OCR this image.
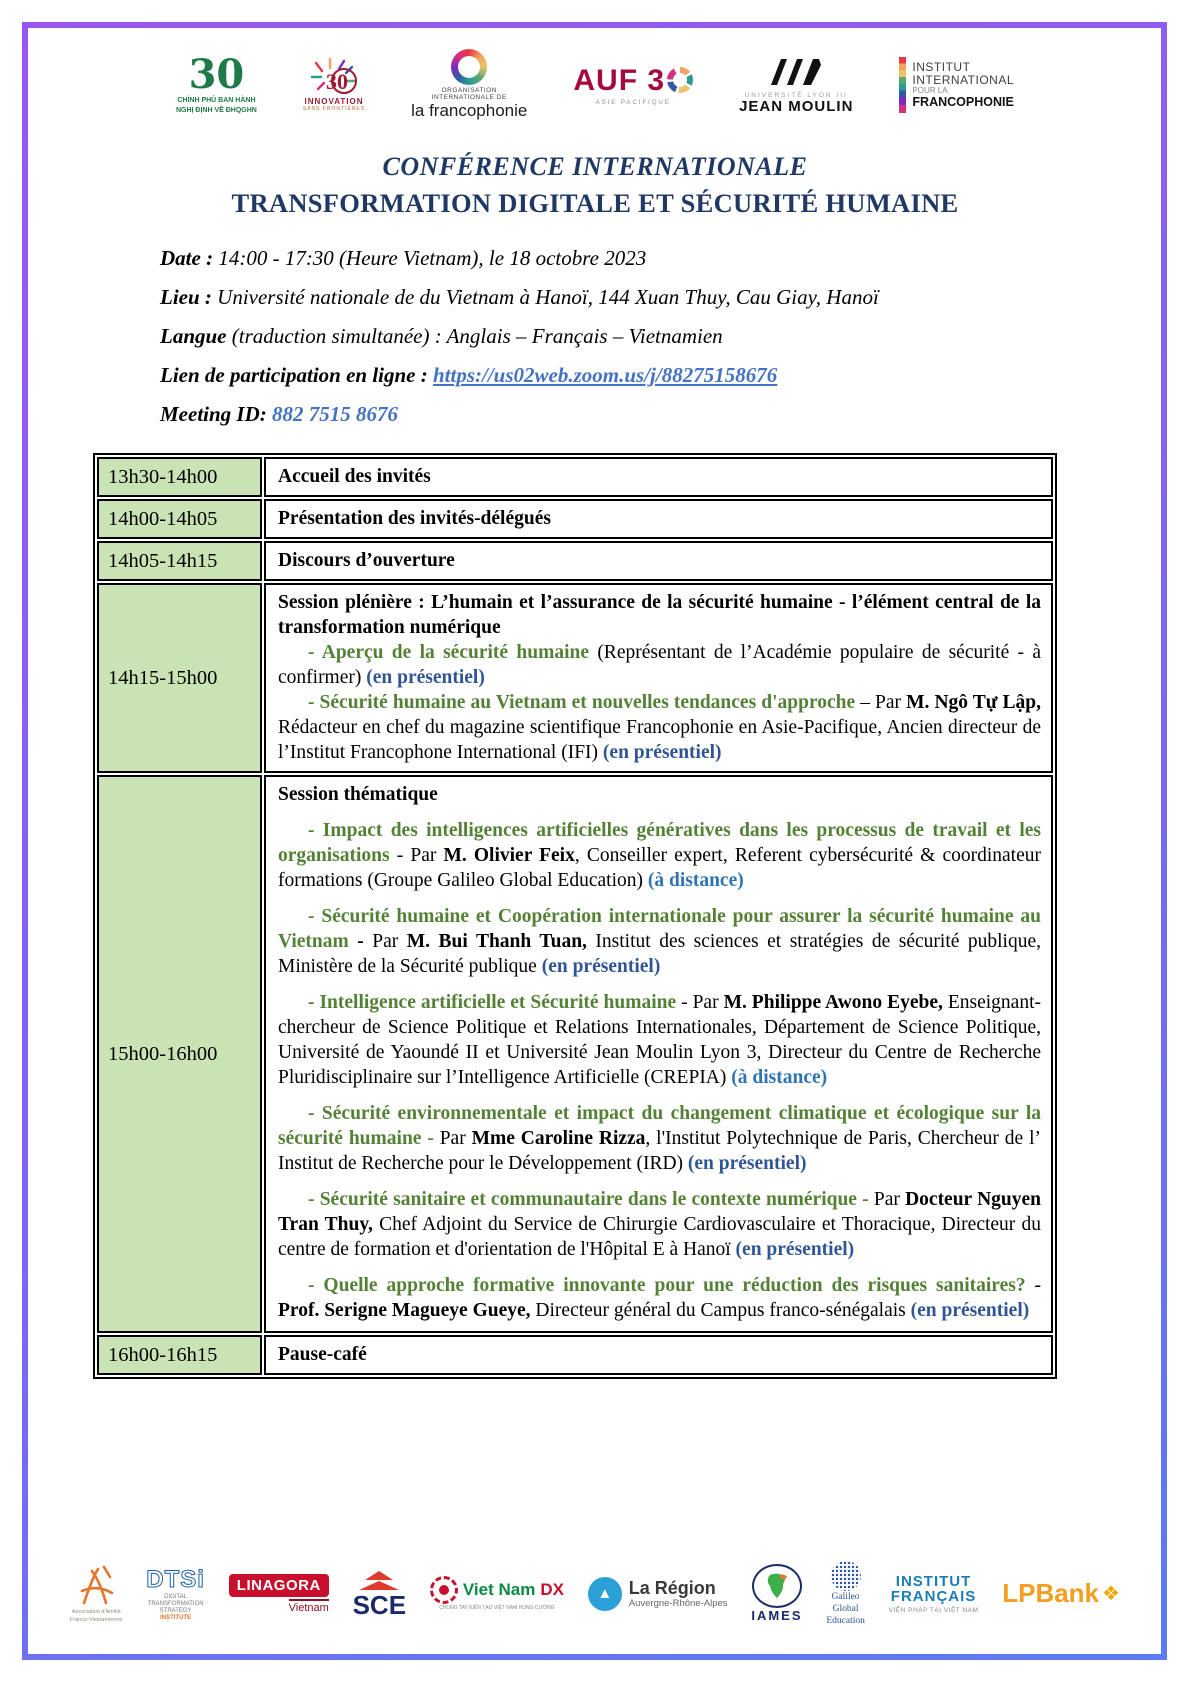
30
CHÍNH PHỦ BAN HÀNH
NGHỊ ĐỊNH VỀ ĐHQGHN
30
INNOVATION
SANS FRONTIÈRES
ORGANISATION
INTERNATIONALE DE
la francophonie
AUF 3
ASIE PACIFIQUE
UNIVERSITÉ LYON III
JEAN MOULIN
INSTITUT
INTERNATIONAL
POUR LA
FRANCOPHONIE
CONFÉRENCE INTERNATIONALE
TRANSFORMATION DIGITALE ET SÉCURITÉ HUMAINE
Date : 14:00 - 17:30 (Heure Vietnam), le 18 octobre 2023
Lieu : Université nationale de du Vietnam à Hanoï, 144 Xuan Thuy, Cau Giay, Hanoï
Langue (traduction simultanée) : Anglais – Français – Vietnamien
Lien de participation en ligne : https://us02web.zoom.us/j/88275158676
Meeting ID: 882 7515 8676
13h30-14h00	Accueil des invités

14h00-14h05	Présentation des invités-délégués

14h05-14h15	Discours d’ouverture

14h15-15h00	Session plénière : L’humain et l’assurance de la sécurité humaine - l’élément central de la transformation numérique
- Aperçu de la sécurité humaine (Représentant de l’Académie populaire de sécurité - à confirmer) (en présentiel)
- Sécurité humaine au Vietnam et nouvelles tendances d'approche – Par M. Ngô Tự Lập, Rédacteur en chef du magazine scientifique Francophonie en Asie-Pacifique, Ancien directeur de l’Institut Francophone International (IFI) (en présentiel)

15h00-16h00	
Session thématique
- Impact des intelligences artificielles génératives dans les processus de travail et les organisations - Par M. Olivier Feix, Conseiller expert, Referent cybersécurité & coordinateur formations (Groupe Galileo Global Education) (à distance)
- Sécurité humaine et Coopération internationale pour assurer la sécurité humaine au Vietnam - Par M. Bui Thanh Tuan, Institut des sciences et stratégies de sécurité publique, Ministère de la Sécurité publique (en présentiel)
- Intelligence artificielle et Sécurité humaine - Par M. Philippe Awono Eyebe, Enseignant-chercheur de Science Politique et Relations Internationales, Département de Science Politique, Université de Yaoundé II et Université Jean Moulin Lyon 3, Directeur du Centre de Recherche Pluridisciplinaire sur l’Intelligence Artificielle (CREPIA) (à distance)
- Sécurité environnementale et impact du changement climatique et écologique sur la sécurité humaine - Par Mme Caroline Rizza, l'Institut Polytechnique de Paris, Chercheur de l’ Institut de Recherche pour le Développement (IRD) (en présentiel)
- Sécurité sanitaire et communautaire dans le contexte numérique - Par Docteur Nguyen Tran Thuy, Chef Adjoint du Service de Chirurgie Cardiovasculaire et Thoracique, Directeur du centre de formation et d'orientation de l'Hôpital E à Hanoï (en présentiel)
- Quelle approche formative innovante pour une réduction des risques sanitaires? - Prof. Serigne Magueye Gueye, Directeur général du Campus franco-sénégalais (en présentiel)

16h00-16h15	Pause-café
Association d'Amitié
Franco-Vietnamienne
DTSi
DIGITAL
TRANSFORMATION
STRATEGY
INSTITUTE
LINAGORA
Vietnam SCE	Viet Nam DX
CHUNG TAY KIẾN TẠO VIỆT NAM HÙNG CƯỜNG
▲ La Région
Auvergne-Rhône-Alpes
IAMES
Galileo
Global
Education
INSTITUT
FRANÇAIS
VIỆN PHÁP TẠI VIỆT NAM
LPBank ❖
